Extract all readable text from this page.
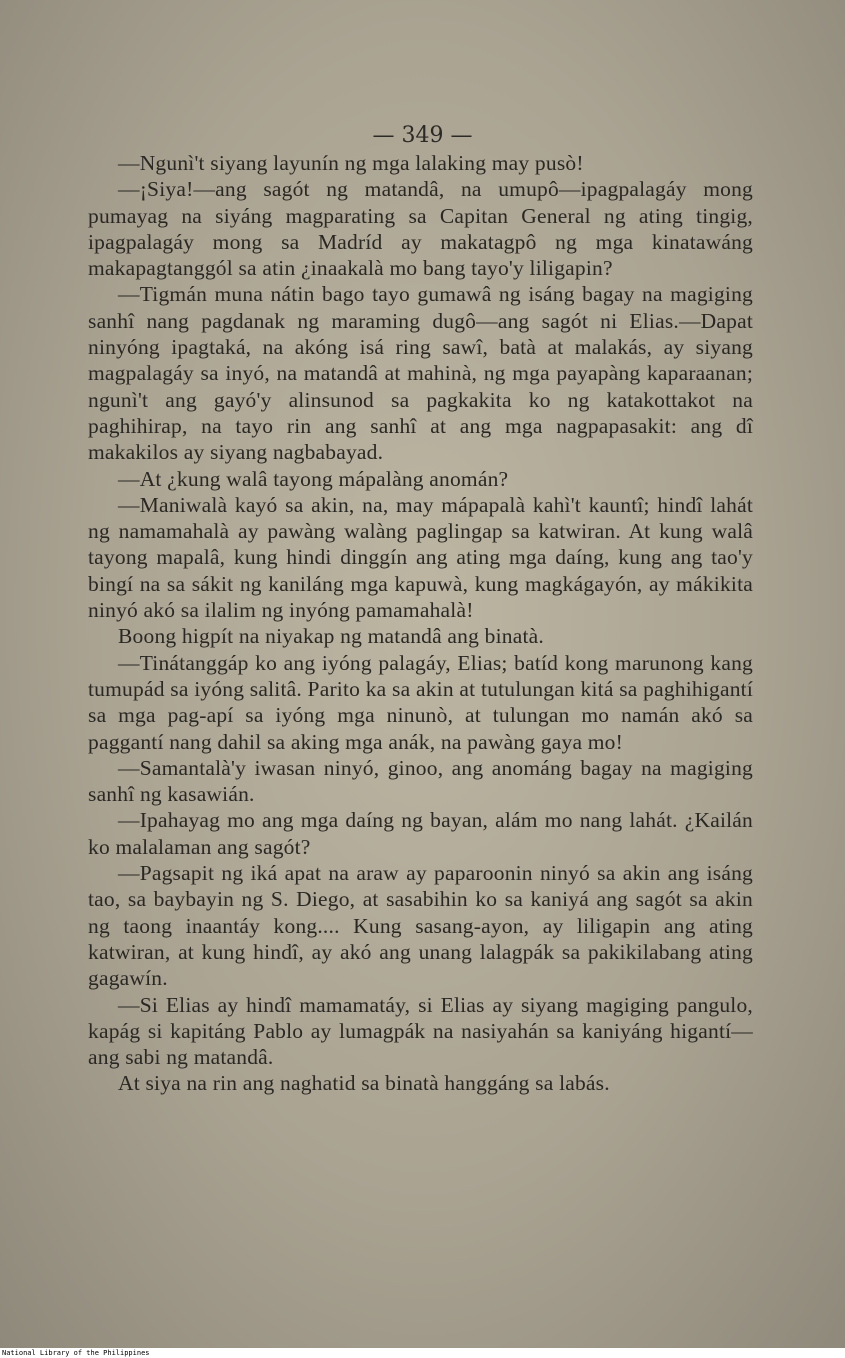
— 349 —

—Ngunì't siyang layunín ng mga lalaking may pusò!

—¡Siya!—ang sagót ng matandâ, na umupô—ipagpalagáy mong pumayag na siyáng magparating sa Capitan General ng ating tingig, ipagpalagáy mong sa Madríd ay makatagpô ng mga kinatawáng makapagtanggól sa atin ¿inaakalà mo bang tayo'y liligapin?

—Tigmán muna nátin bago tayo gumawâ ng isáng bagay na magiging sanhî nang pagdanak ng maraming dugô—ang sagót ni Elias.—Dapat ninyóng ipagtaká, na akóng isá ring sawî, batà at malakás, ay siyang magpalagáy sa inyó, na matandâ at mahinà, ng mga payapàng kaparaanan; ngunì't ang gayó'y alinsunod sa pagkakita ko ng katakottakot na paghihirap, na tayo rin ang sanhî at ang mga nagpapasakit: ang dî makakilos ay siyang nagbabayad.

—At ¿kung walâ tayong mápalàng anomán?

—Maniwalà kayó sa akin, na, may mápapalà kahì't kauntî; hindî lahát ng namamahalà ay pawàng walàng paglingap sa katwiran. At kung walâ tayong mapalâ, kung hindi dinggín ang ating mga daíng, kung ang tao'y bingí na sa sákit ng kaniláng mga kapuwà, kung magkágayón, ay mákikita ninyó akó sa ilalim ng inyóng pamamahalà!

Boong higpít na niyakap ng matandâ ang binatà.

—Tinátanggáp ko ang iyóng palagáy, Elias; batíd kong marunong kang tumupád sa iyóng salitâ. Parito ka sa akin at tutulungan kitá sa paghihigantí sa mga pag-apí sa iyóng mga ninunò, at tulungan mo namán akó sa paggantí nang dahil sa aking mga anák, na pawàng gaya mo!

—Samantalà'y iwasan ninyó, ginoo, ang anománg bagay na magiging sanhî ng kasawián.

—Ipahayag mo ang mga daíng ng bayan, alám mo nang lahát. ¿Kailán ko malalaman ang sagót?

—Pagsapit ng iká apat na araw ay paparoonin ninyó sa akin ang isáng tao, sa baybayin ng S. Diego, at sasabihin ko sa kaniyá ang sagót sa akin ng taong inaantáy kong.... Kung sasang-ayon, ay liligapin ang ating katwiran, at kung hindî, ay akó ang unang lalagpák sa pakikilabang ating gagawín.

—Si Elias ay hindî mamamatáy, si Elias ay siyang magiging pangulo, kapág si kapitáng Pablo ay lumagpák na nasiyahán sa kaniyáng higantí—ang sabi ng matandâ.

At siya na rin ang naghatid sa binatà hanggáng sa labás.

National Library of the Philippines
